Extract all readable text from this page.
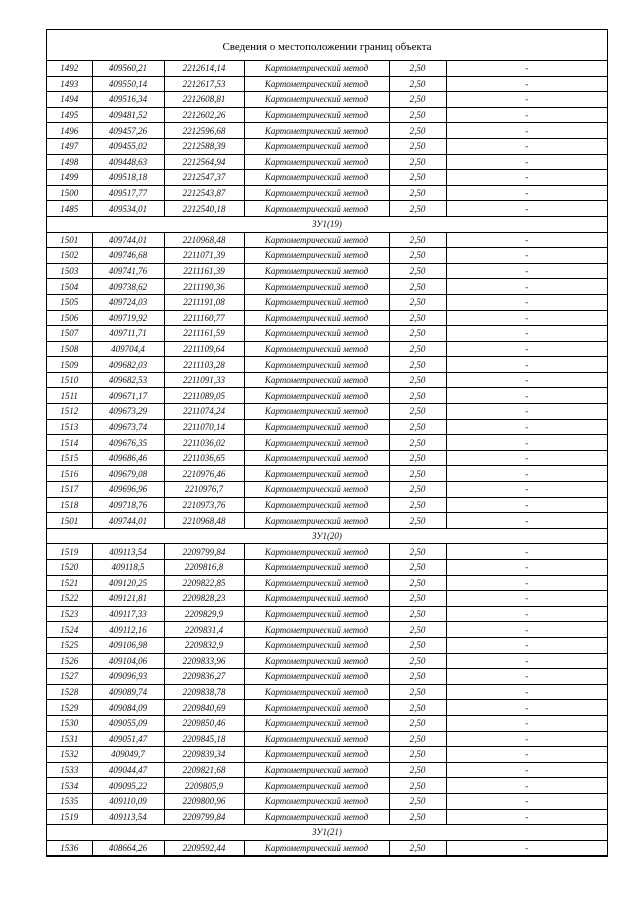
Сведения о местоположении границ объекта
1492	409560,21	2212614,14	Картометрический метод	2,50	-
1493	409550,14	2212617,53	Картометрический метод	2,50	-
1494	409516,34	2212608,81	Картометрический метод	2,50	-
1495	409481,52	2212602,26	Картометрический метод	2,50	-
1496	409457,26	2212596,68	Картометрический метод	2,50	-
1497	409455,02	2212588,39	Картометрический метод	2,50	-
1498	409448,63	2212564,94	Картометрический метод	2,50	-
1499	409518,18	2212547,37	Картометрический метод	2,50	-
1500	409517,77	2212543,87	Картометрический метод	2,50	-
1485	409534,01	2212540,18	Картометрический метод	2,50	-
ЗУ1(19)					
1501	409744,01	2210968,48	Картометрический метод	2,50	-
1502	409746,68	2211071,39	Картометрический метод	2,50	-
1503	409741,76	2211161,39	Картометрический метод	2,50	-
1504	409738,62	2211190,36	Картометрический метод	2,50	-
1505	409724,03	2211191,08	Картометрический метод	2,50	-
1506	409719,92	2211160,77	Картометрический метод	2,50	-
1507	409711,71	2211161,59	Картометрический метод	2,50	-
1508	409704,4	2211109,64	Картометрический метод	2,50	-
1509	409682,03	2211103,28	Картометрический метод	2,50	-
1510	409682,53	2211091,33	Картометрический метод	2,50	-
1511	409671,17	2211089,05	Картометрический метод	2,50	-
1512	409673,29	2211074,24	Картометрический метод	2,50	-
1513	409673,74	2211070,14	Картометрический метод	2,50	-
1514	409676,35	2211036,02	Картометрический метод	2,50	-
1515	409686,46	2211036,65	Картометрический метод	2,50	-
1516	409679,08	2210976,46	Картометрический метод	2,50	-
1517	409696,96	2210976,7	Картометрический метод	2,50	-
1518	409718,76	2210973,76	Картометрический метод	2,50	-
1501	409744,01	2210968,48	Картометрический метод	2,50	-
ЗУ1(20)					
1519	409113,54	2209799,84	Картометрический метод	2,50	-
1520	409118,5	2209816,8	Картометрический метод	2,50	-
1521	409120,25	2209822,85	Картометрический метод	2,50	-
1522	409121,81	2209828,23	Картометрический метод	2,50	-
1523	409117,33	2209829,9	Картометрический метод	2,50	-
1524	409112,16	2209831,4	Картометрический метод	2,50	-
1525	409106,98	2209832,9	Картометрический метод	2,50	-
1526	409104,06	2209833,96	Картометрический метод	2,50	-
1527	409096,93	2209836,27	Картометрический метод	2,50	-
1528	409089,74	2209838,78	Картометрический метод	2,50	-
1529	409084,09	2209840,69	Картометрический метод	2,50	-
1530	409055,09	2209850,46	Картометрический метод	2,50	-
1531	409051,47	2209845,18	Картометрический метод	2,50	-
1532	409049,7	2209839,34	Картометрический метод	2,50	-
1533	409044,47	2209821,68	Картометрический метод	2,50	-
1534	409095,22	2209805,9	Картометрический метод	2,50	-
1535	409110,09	2209800,96	Картометрический метод	2,50	-
1519	409113,54	2209799,84	Картометрический метод	2,50	-
ЗУ1(21)					
1536	408664,26	2209592,44	Картометрический метод	2,50	-
